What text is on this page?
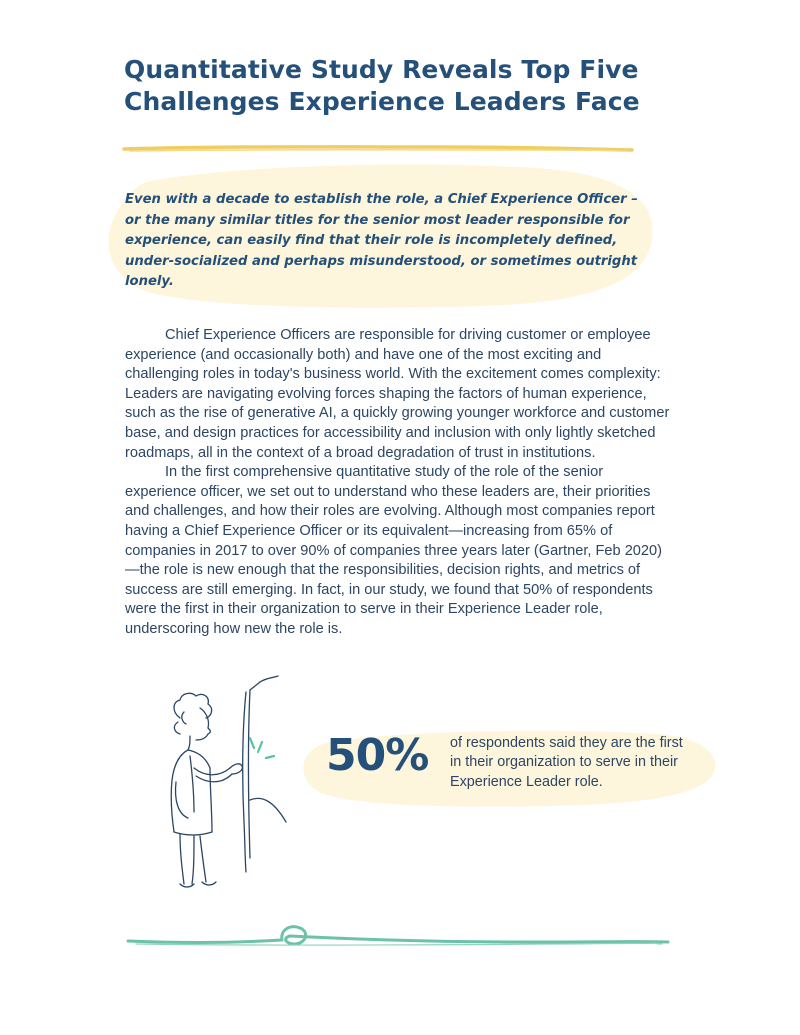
Quantitative Study Reveals Top Five Challenges Experience Leaders Face

Even with a decade to establish the role, a Chief Experience Officer –or the many similar titles for the senior most leader responsible for experience, can easily find that their role is incompletely defined, under-socialized and perhaps misunderstood, or sometimes outright lonely.

Chief Experience Officers are responsible for driving customer or employee experience (and occasionally both) and have one of the most exciting and challenging roles in today's business world. With the excitement comes complexity: Leaders are navigating evolving forces shaping the factors of human experience, such as the rise of generative AI, a quickly growing younger workforce and customer base, and design practices for accessibility and inclusion with only lightly sketched roadmaps, all in the context of a broad degradation of trust in institutions.

In the first comprehensive quantitative study of the role of the senior experience officer, we set out to understand who these leaders are, their priorities and challenges, and how their roles are evolving. Although most companies report having a Chief Experience Officer or its equivalent—increasing from 65% of companies in 2017 to over 90% of companies three years later (Gartner, Feb 2020)—the role is new enough that the responsibilities, decision rights, and metrics of success are still emerging. In fact, in our study, we found that 50% of respondents were the first in their organization to serve in their Experience Leader role, underscoring how new the role is.

50% of respondents said they are the first in their organization to serve in their Experience Leader role.
